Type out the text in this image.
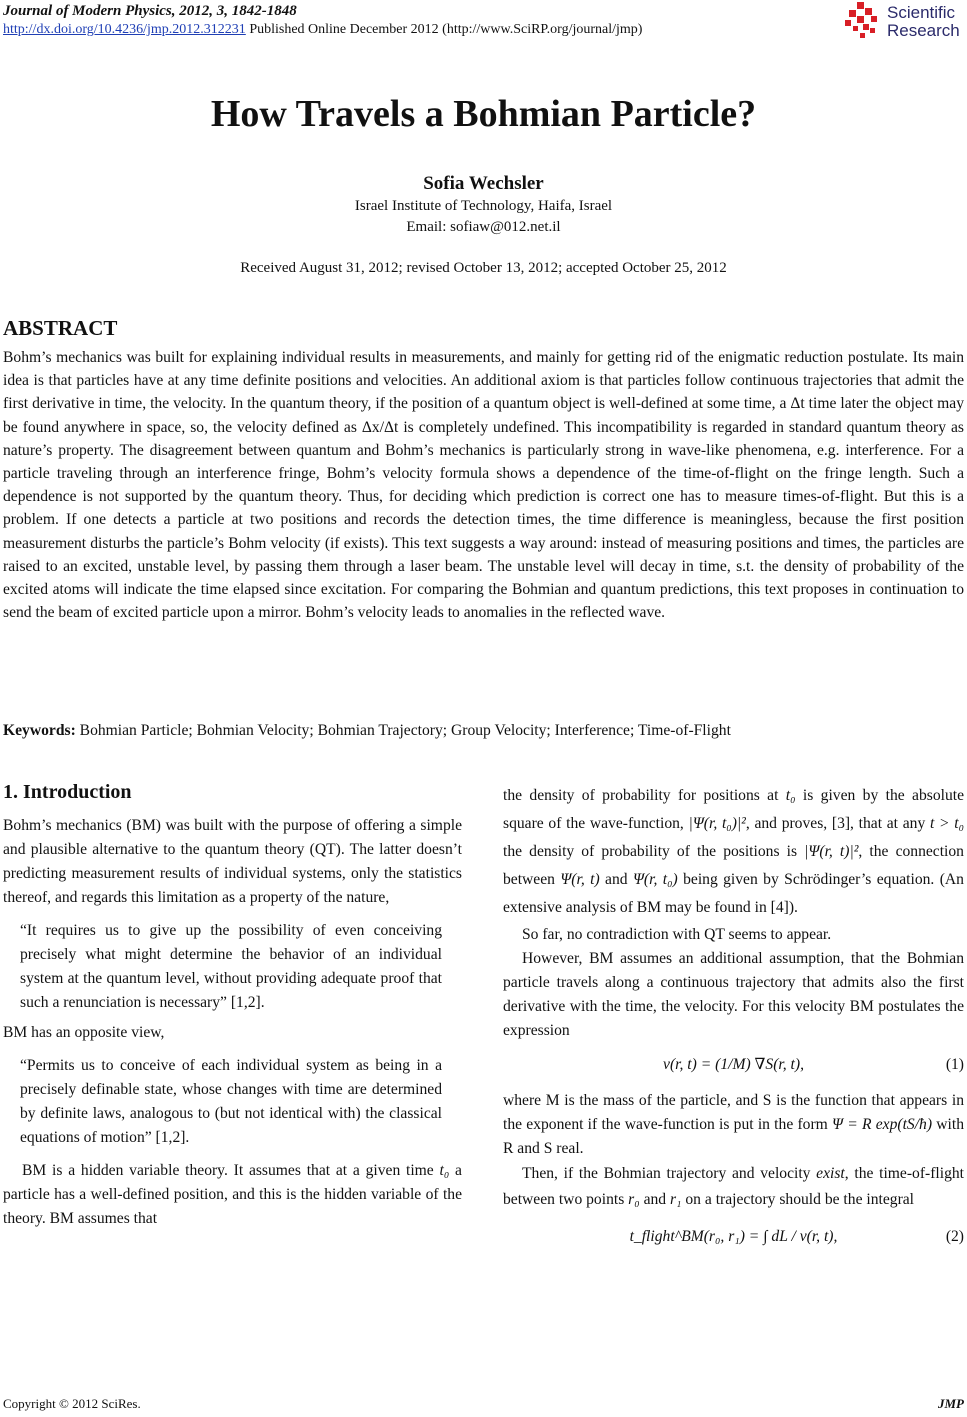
Journal of Modern Physics, 2012, 3, 1842-1848
http://dx.doi.org/10.4236/jmp.2012.312231 Published Online December 2012 (http://www.SciRP.org/journal/jmp)
Scientific
Research
How Travels a Bohmian Particle?
Sofia Wechsler
Israel Institute of Technology, Haifa, Israel
Email: sofiaw@012.net.il
Received August 31, 2012; revised October 13, 2012; accepted October 25, 2012
ABSTRACT
Bohm’s mechanics was built for explaining individual results in measurements, and mainly for getting rid of the enigmatic reduction postulate. Its main idea is that particles have at any time definite positions and velocities. An additional axiom is that particles follow continuous trajectories that admit the first derivative in time, the velocity. In the quantum theory, if the position of a quantum object is well-defined at some time, a Δt time later the object may be found anywhere in space, so, the velocity defined as Δx/Δt is completely undefined. This incompatibility is regarded in standard quantum theory as nature’s property. The disagreement between quantum and Bohm’s mechanics is particularly strong in wave-like phenomena, e.g. interference. For a particle traveling through an interference fringe, Bohm’s velocity formula shows a dependence of the time-of-flight on the fringe length. Such a dependence is not supported by the quantum theory. Thus, for deciding which prediction is correct one has to measure times-of-flight. But this is a problem. If one detects a particle at two positions and records the detection times, the time difference is meaningless, because the first position measurement disturbs the particle’s Bohm velocity (if exists). This text suggests a way around: instead of measuring positions and times, the particles are raised to an excited, unstable level, by passing them through a laser beam. The unstable level will decay in time, s.t. the density of probability of the excited atoms will indicate the time elapsed since excitation. For comparing the Bohmian and quantum predictions, this text proposes in continuation to send the beam of excited particle upon a mirror. Bohm’s velocity leads to anomalies in the reflected wave.
Keywords: Bohmian Particle; Bohmian Velocity; Bohmian Trajectory; Group Velocity; Interference; Time-of-Flight
1. Introduction
Bohm’s mechanics (BM) was built with the purpose of offering a simple and plausible alternative to the quantum theory (QT). The latter doesn’t predicting measurement results of individual systems, only the statistics thereof, and regards this limitation as a property of the nature,
“It requires us to give up the possibility of even conceiving precisely what might determine the behavior of an individual system at the quantum level, without providing adequate proof that such a renunciation is necessary” [1,2].
BM has an opposite view,
“Permits us to conceive of each individual system as being in a precisely definable state, whose changes with time are determined by definite laws, analogous to (but not identical with) the classical equations of motion” [1,2].
BM is a hidden variable theory. It assumes that at a given time t₀ a particle has a well-defined position, and this is the hidden variable of the theory. BM assumes that
the density of probability for positions at t₀ is given by the absolute square of the wave-function, |Ψ(r, t₀)|², and proves, [3], that at any t > t₀ the density of probability of the positions is |Ψ(r, t)|², the connection between Ψ(r, t) and Ψ(r, t₀) being given by Schrödinger’s equation. (An extensive analysis of BM may be found in [4]).
So far, no contradiction with QT seems to appear.
However, BM assumes an additional assumption, that the Bohmian particle travels along a continuous trajectory that admits also the first derivative with the time, the velocity. For this velocity BM postulates the expression
v(r, t) = (1/M) ∇S(r, t),	(1)
where M is the mass of the particle, and S is the function that appears in the exponent if the wave-function is put in the form Ψ = R exp(tS/ħ) with R and S real.
Then, if the Bohmian trajectory and velocity exist, the time-of-flight between two points r₀ and r₁ on a trajectory should be the integral
t_flight^BM(r₀, r₁) = ∫ dL / v(r, t),	(2)
Copyright © 2012 SciRes.	JMP
